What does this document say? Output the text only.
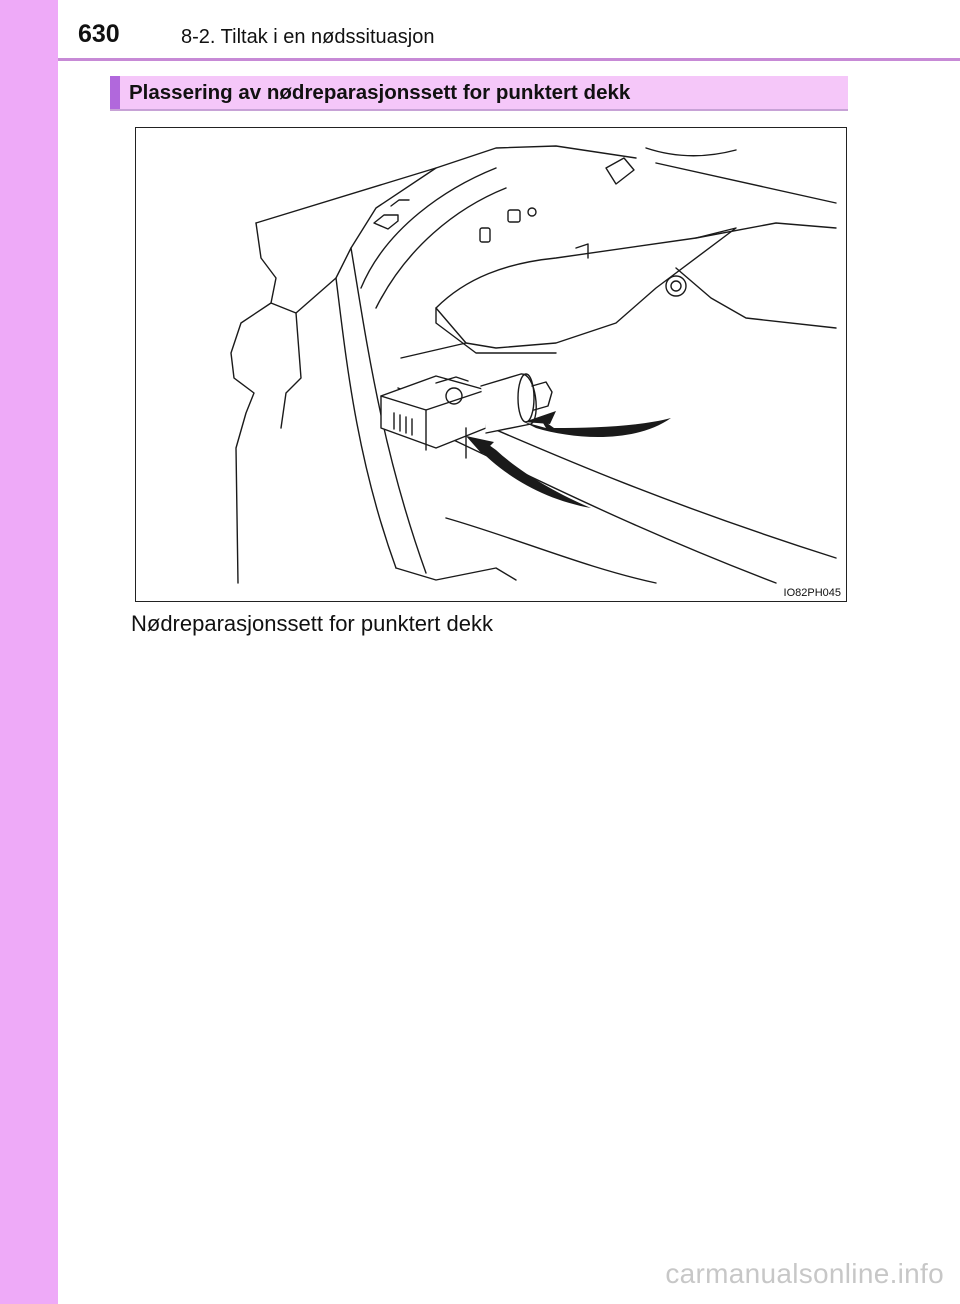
630	8-2. Tiltak i en nødssituasjon
Plassering av nødreparasjonssett for punktert dekk
IO82PH045
Nødreparasjonssett for punktert dekk
carmanualsonline.info
